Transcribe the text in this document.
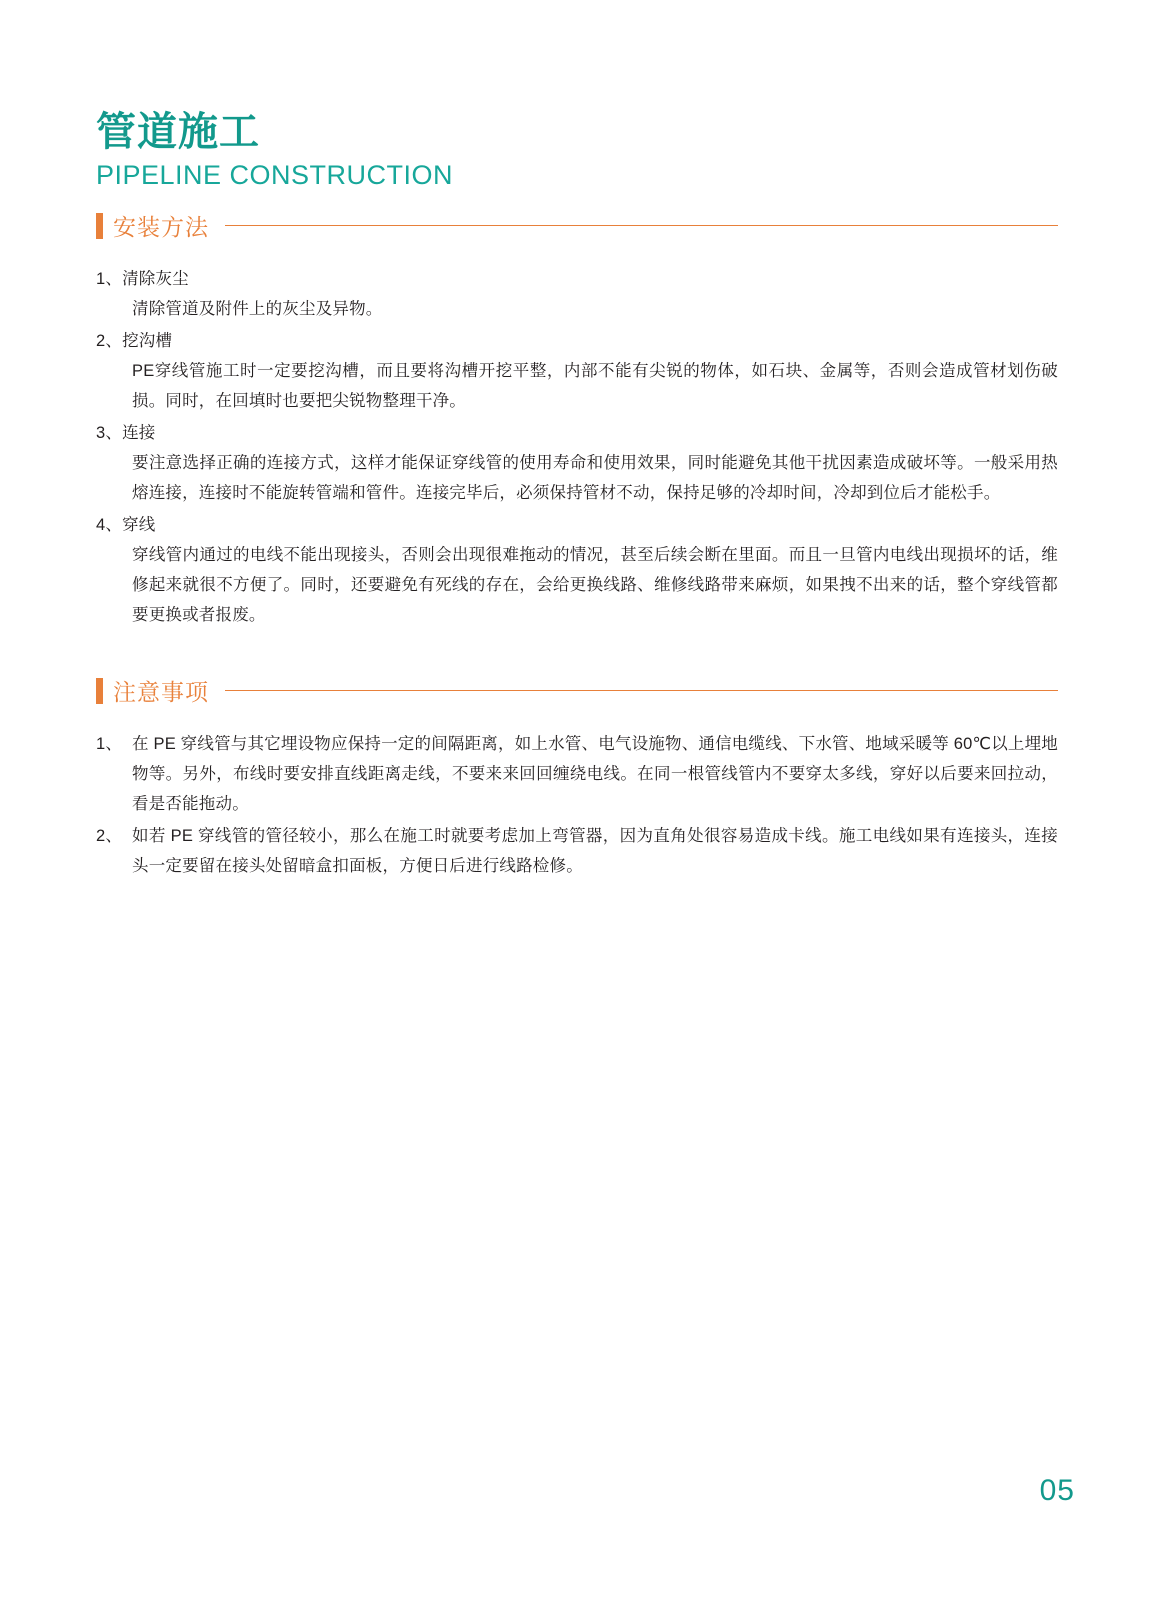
管道施工
PIPELINE CONSTRUCTION
安装方法
1、清除灰尘
清除管道及附件上的灰尘及异物。
2、挖沟槽
PE穿线管施工时一定要挖沟槽，而且要将沟槽开挖平整，内部不能有尖锐的物体，如石块、金属等，否则会造成管材划伤破损。同时，在回填时也要把尖锐物整理干净。
3、连接
要注意选择正确的连接方式，这样才能保证穿线管的使用寿命和使用效果，同时能避免其他干扰因素造成破坏等。一般采用热熔连接，连接时不能旋转管端和管件。连接完毕后，必须保持管材不动，保持足够的冷却时间，冷却到位后才能松手。
4、穿线
穿线管内通过的电线不能出现接头，否则会出现很难拖动的情况，甚至后续会断在里面。而且一旦管内电线出现损坏的话，维修起来就很不方便了。同时，还要避免有死线的存在，会给更换线路、维修线路带来麻烦，如果拽不出来的话，整个穿线管都要更换或者报废。
注意事项
1、 在 PE 穿线管与其它埋设物应保持一定的间隔距离，如上水管、电气设施物、通信电缆线、下水管、地域采暖等 60℃以上埋地物等。另外，布线时要安排直线距离走线，不要来来回回缠绕电线。在同一根管线管内不要穿太多线，穿好以后要来回拉动，看是否能拖动。
2、 如若 PE 穿线管的管径较小，那么在施工时就要考虑加上弯管器，因为直角处很容易造成卡线。施工电线如果有连接头，连接头一定要留在接头处留暗盒扣面板，方便日后进行线路检修。
05
